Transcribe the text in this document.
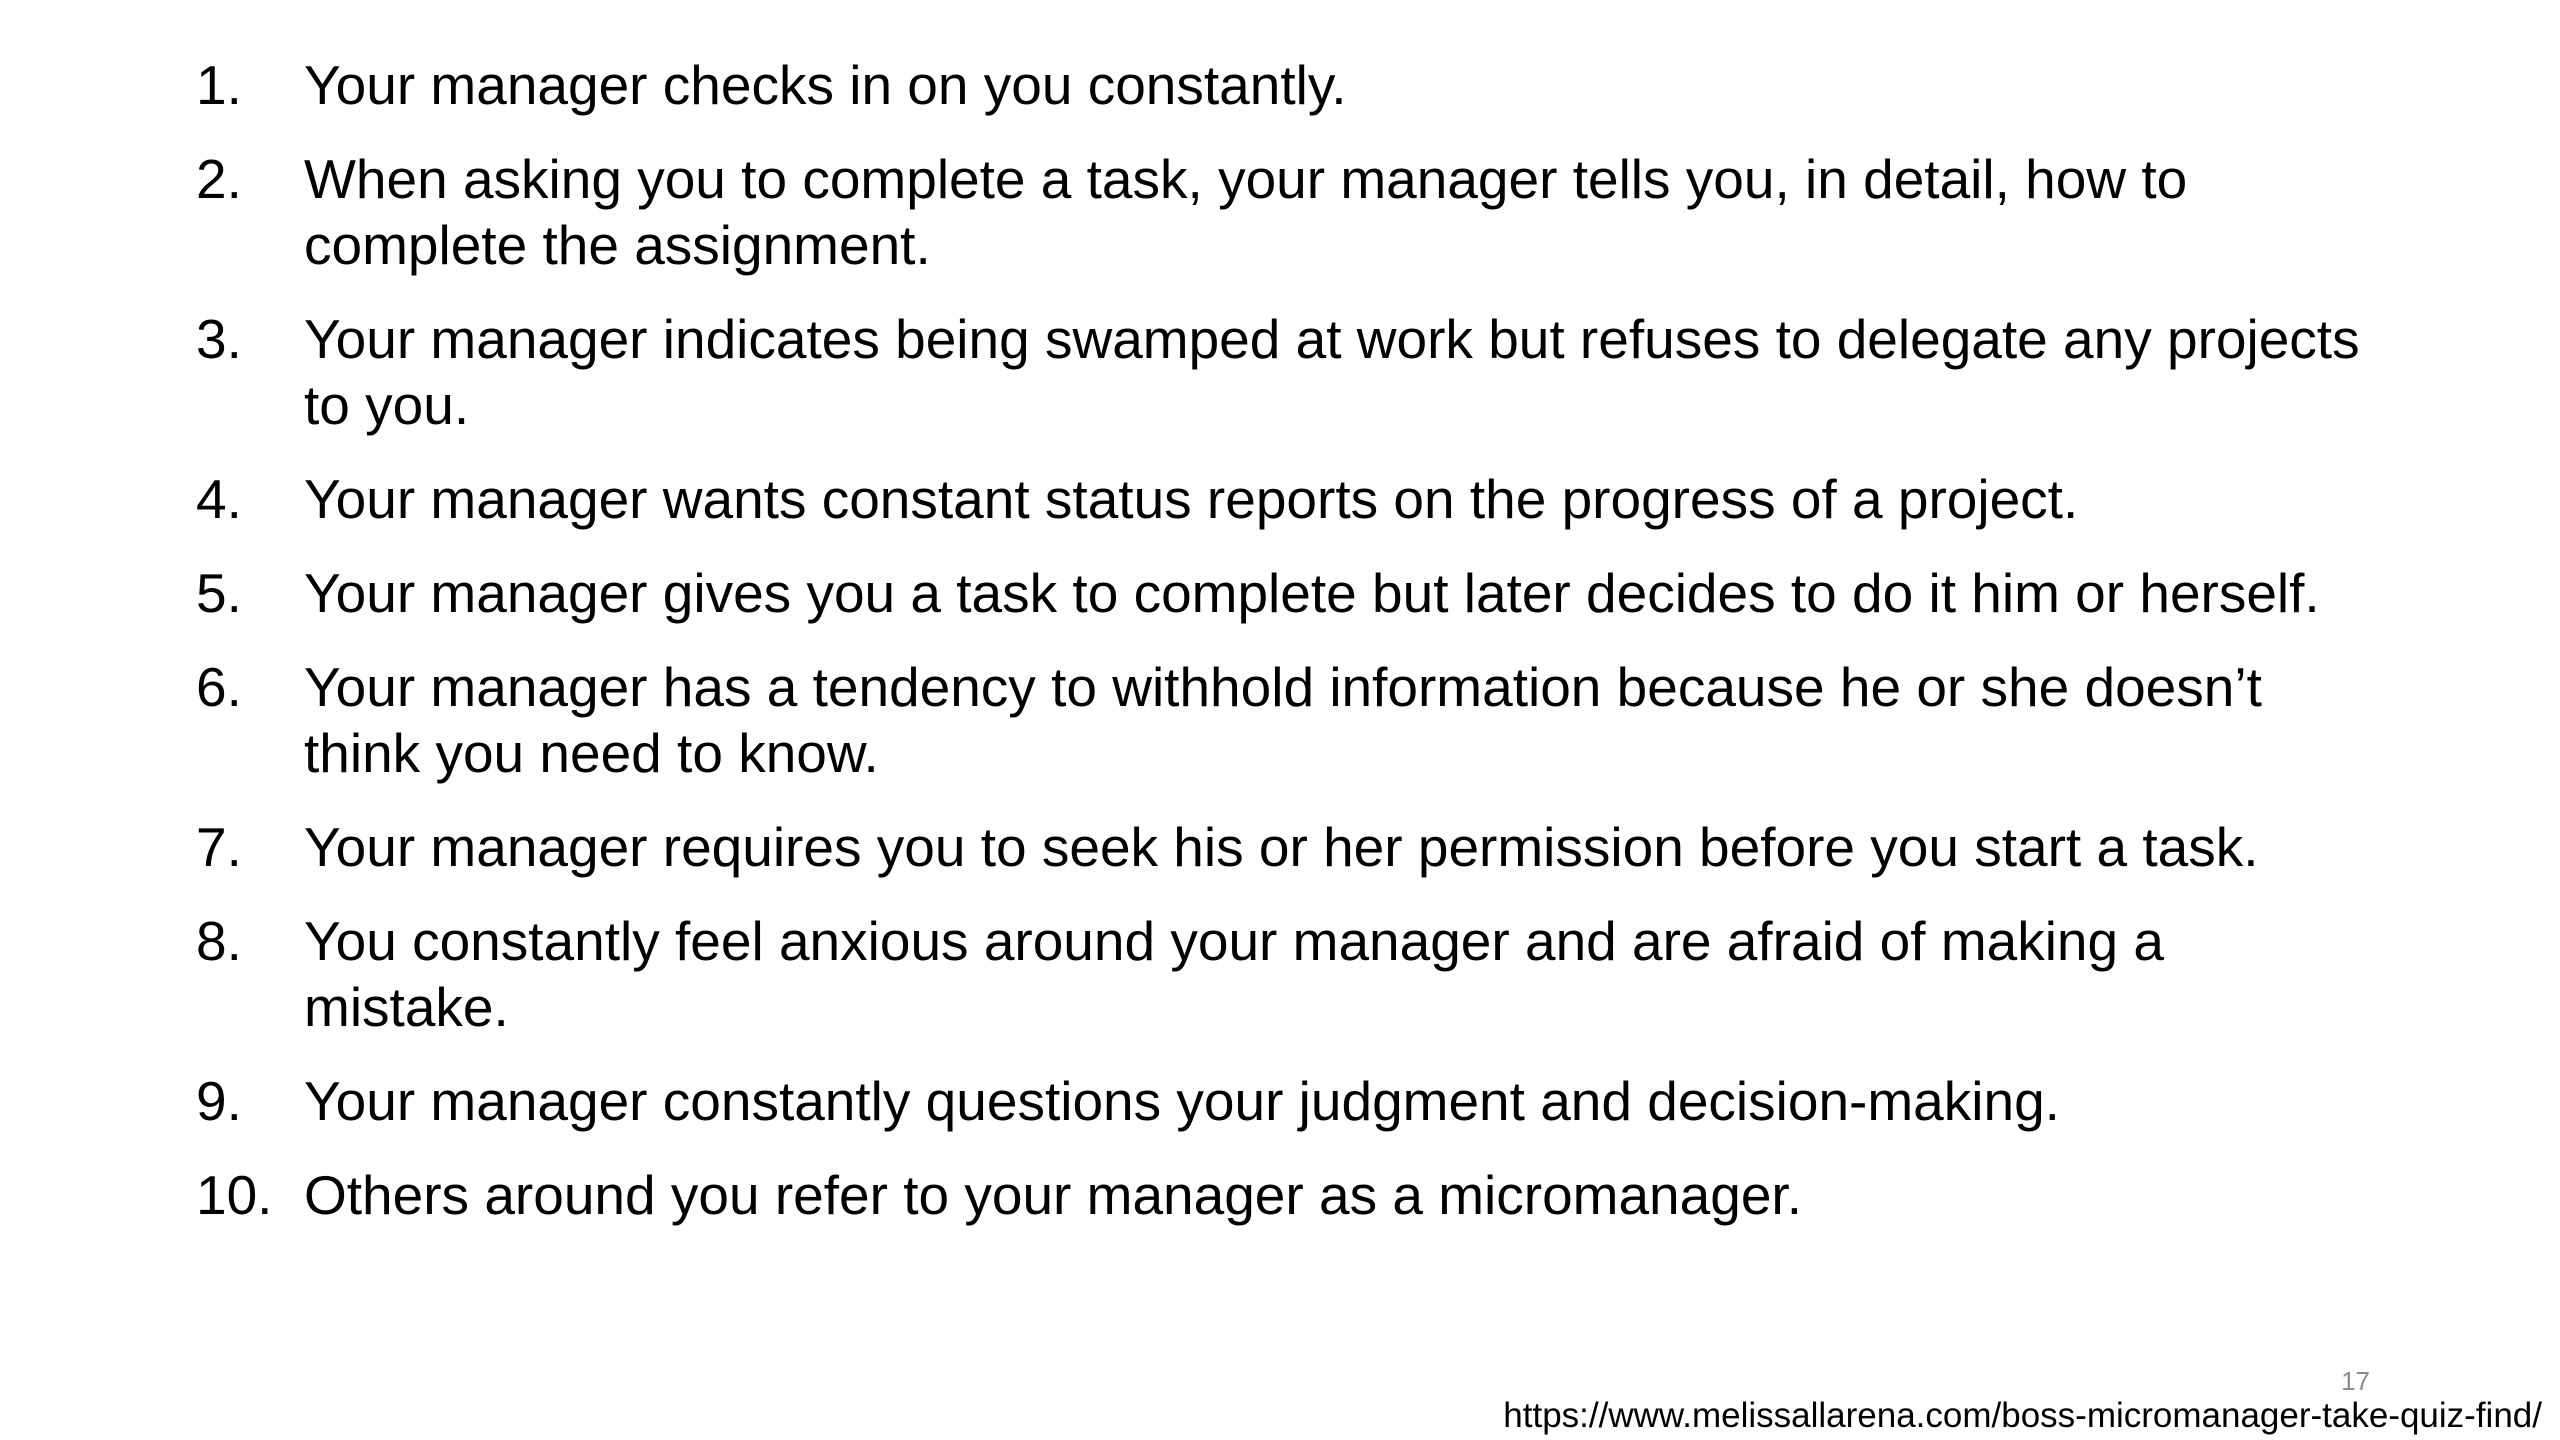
1.	Your manager checks in on you constantly.
2.	When asking you to complete a task, your manager tells you, in detail, how to complete the assignment.
3.	Your manager indicates being swamped at work but refuses to delegate any projects to you.
4.	Your manager wants constant status reports on the progress of a project.
5.	Your manager gives you a task to complete but later decides to do it him or herself.
6.	Your manager has a tendency to withhold information because he or she doesn’t think you need to know.
7.	Your manager requires you to seek his or her permission before you start a task.
8.	You constantly feel anxious around your manager and are afraid of making a mistake.
9.	Your manager constantly questions your judgment and decision-making.
10. Others around you refer to your manager as a micromanager.
17
https://www.melissallarena.com/boss-micromanager-take-quiz-find/
